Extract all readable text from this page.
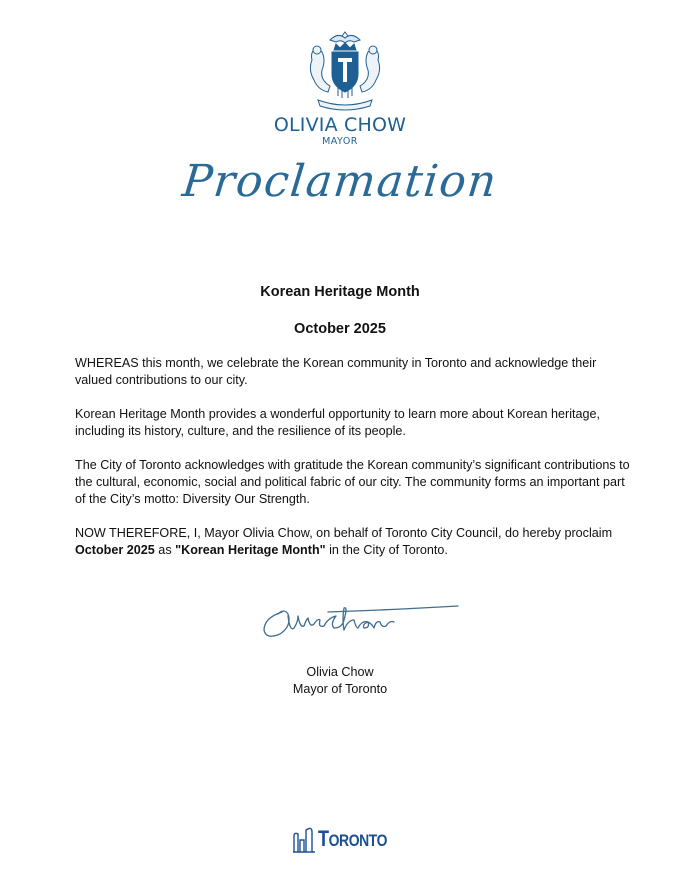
OLIVIA CHOW
MAYOR
Proclamation
Korean Heritage Month
October 2025
WHEREAS this month, we celebrate the Korean community in Toronto and acknowledge their valued contributions to our city.
Korean Heritage Month provides a wonderful opportunity to learn more about Korean heritage, including its history, culture, and the resilience of its people.
The City of Toronto acknowledges with gratitude the Korean community’s significant contributions to the cultural, economic, social and political fabric of our city. The community forms an important part of the City’s motto: Diversity Our Strength.
NOW THEREFORE, I, Mayor Olivia Chow, on behalf of Toronto City Council, do hereby proclaim
October 2025 as "Korean Heritage Month" in the City of Toronto.
Olivia Chow
Mayor of Toronto
TORONTO
